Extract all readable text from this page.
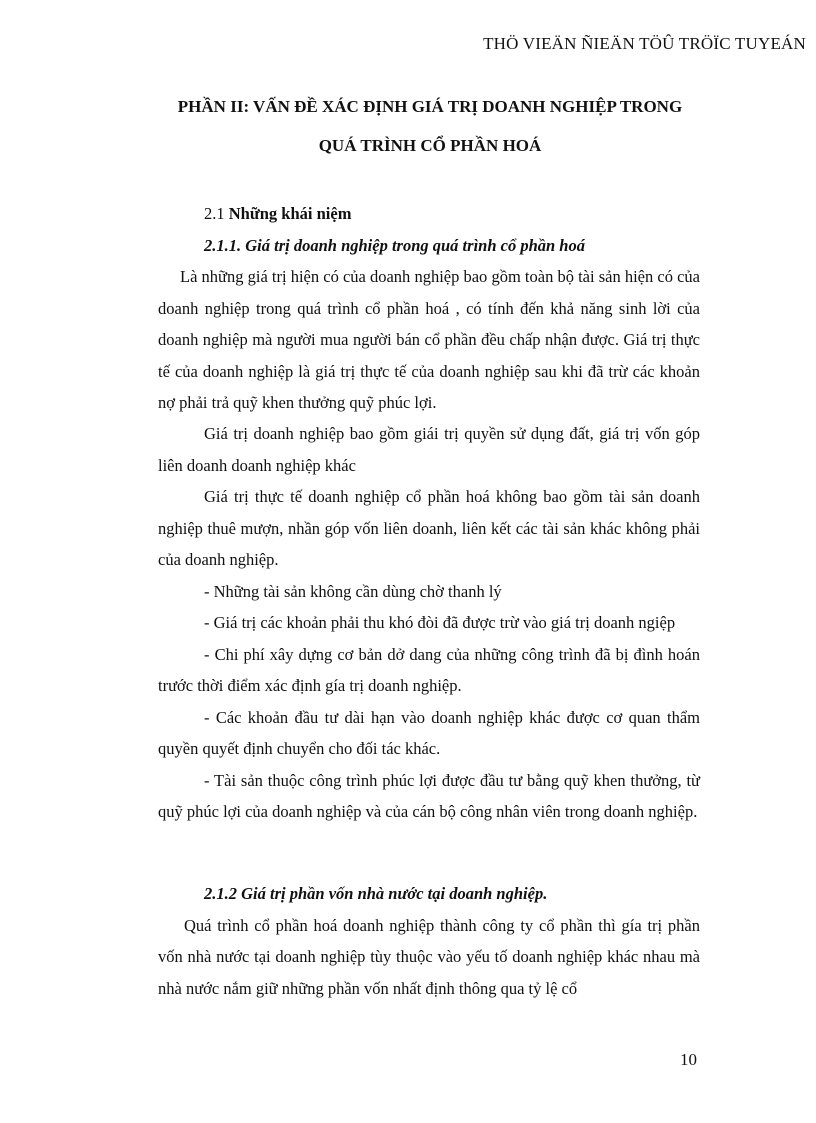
THÖ VIEÄN ÑIEÄN TÖÛ TRÖÏC TUYEÁN
PHẦN II: VẤN ĐỀ XÁC ĐỊNH GIÁ TRỊ DOANH NGHIỆP TRONG
QUÁ TRÌNH CỔ PHẦN HOÁ

2.1 Những khái niệm

2.1.1. Giá trị doanh nghiệp trong quá trình cổ phần hoá

Là những giá trị hiện có của doanh nghiệp bao gồm toàn bộ tài sản hiện có của doanh nghiệp trong quá trình cổ phần hoá , có tính đến khả năng sinh lời của doanh nghiệp mà người mua người bán cổ phần đều chấp nhận được. Giá trị thực tế của doanh nghiệp là giá trị thực tế của doanh nghiệp sau khi đã trừ các khoản nợ phải trả quỹ khen thưởng quỹ phúc lợi.

Giá trị doanh nghiệp bao gồm giái trị quyền sử dụng đất, giá trị vốn góp liên doanh doanh nghiệp khác

Giá trị thực tế doanh nghiệp cổ phần hoá không bao gồm tài sản doanh nghiệp thuê mượn, nhần góp vốn liên doanh, liên kết các tài sản khác không phải của doanh nghiệp.

- Những tài sản không cần dùng chờ thanh lý

- Giá trị các khoản phải thu khó đòi đã được trừ vào giá trị doanh ngiệp

- Chi phí xây dựng cơ bản dở dang của những công trình đã bị đình hoán trước thời điểm xác định gía trị doanh nghiệp.

- Các khoản đầu tư dài hạn vào doanh nghiệp khác được cơ quan thẩm quyền quyết định chuyển cho đối tác khác.

- Tài sản thuộc công trình phúc lợi được đầu tư bằng quỹ khen thưởng, từ quỹ phúc lợi của doanh nghiệp và của cán bộ công nhân viên trong doanh nghiệp.

2.1.2 Giá trị phần vốn nhà nước tại doanh nghiệp.

Quá trình cổ phần hoá doanh nghiệp thành công ty cổ phần thì gía trị phần vốn nhà nước tại doanh nghiệp tùy thuộc vào yếu tố doanh nghiệp khác nhau mà nhà nước nắm giữ những phần vốn nhất định thông qua tỷ lệ cổ

10
